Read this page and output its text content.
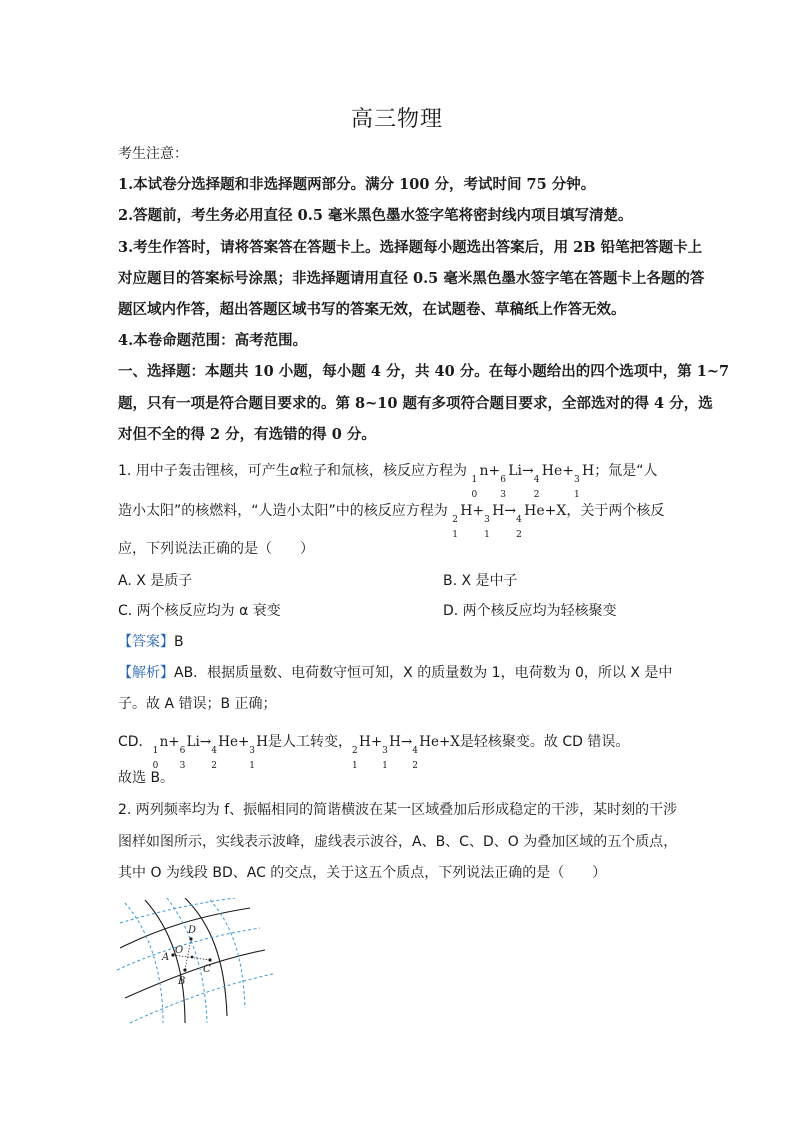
高三物理
考生注意：
1.本试卷分选择题和非选择题两部分。满分 100 分，考试时间 75 分钟。
2.答题前，考生务必用直径 0.5 毫米黑色墨水签字笔将密封线内项目填写清楚。
3.考生作答时，请将答案答在答题卡上。选择题每小题选出答案后，用 2B 铅笔把答题卡上
对应题目的答案标号涂黑；非选择题请用直径 0.5 毫米黑色墨水签字笔在答题卡上各题的答
题区域内作答，超出答题区域书写的答案无效，在试题卷、草稿纸上作答无效。
4.本卷命题范围：高考范围。
一、选择题：本题共 10 小题，每小题 4 分，共 40 分。在每小题给出的四个选项中，第 1~7
题，只有一项是符合题目要求的。第 8~10 题有多项符合题目要求，全部选对的得 4 分，选
对但不全的得 2 分，有选错的得 0 分。
1. 用中子轰击锂核，可产生α粒子和氚核，核反应方程为
1
0
n+
6
3
Li→
4
2
He+
3
1
H；氚是“人
造小太阳”的核燃料，“人造小太阳”中的核反应方程为
2
1
H+
3
1
H→
4
2
He+X，关于两个核反
应，下列说法正确的是（　　）
A. X 是质子	B. X 是中子
C. 两个核反应均为 α 衰变	D. 两个核反应均为轻核聚变
【答案】B
【解析】AB．根据质量数、电荷数守恒可知，X 的质量数为 1，电荷数为 0，所以 X 是中
子。故 A 错误；B 正确；
CD．
1
0
n+
6
3
Li→
4
2
He+
3
1
H是人工转变，
2
1
H+
3
1
H→
4
2
He+X是轻核聚变。故 CD 错误。
故选 B。
2. 两列频率均为 f、振幅相同的简谐横波在某一区域叠加后形成稳定的干涉，某时刻的干涉
图样如图所示，实线表示波峰，虚线表示波谷，A、B、C、D、O 为叠加区域的五个质点，
其中 O 为线段 BD、AC 的交点，关于这五个质点，下列说法正确的是（　　）
D
O
A
C
B
